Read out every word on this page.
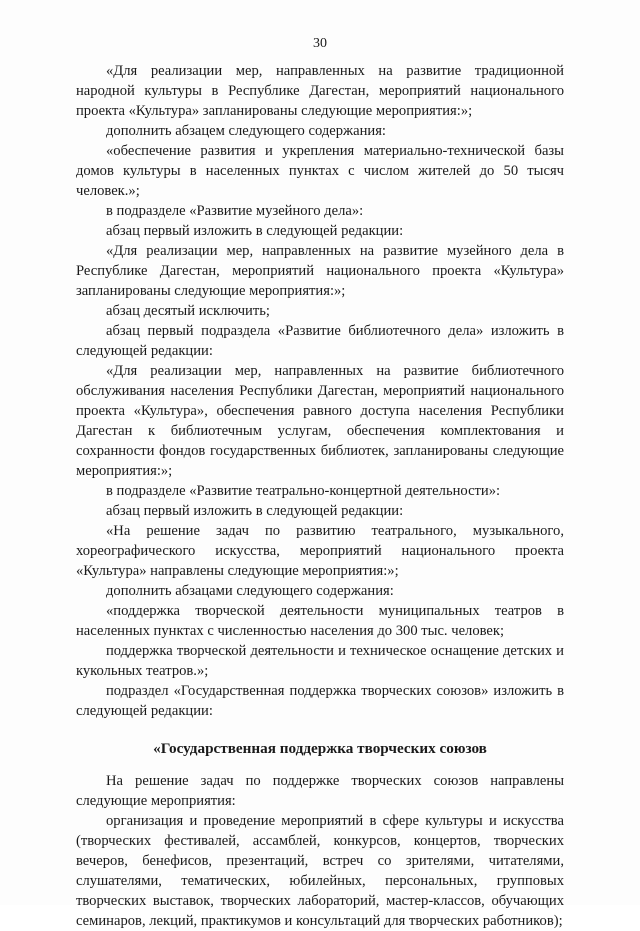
30

«Для реализации мер, направленных на развитие традиционной народной культуры в Республике Дагестан, мероприятий национального проекта «Культура» запланированы следующие мероприятия:»;

дополнить абзацем следующего содержания:

«обеспечение развития и укрепления материально-технической базы домов культуры в населенных пунктах с числом жителей до 50 тысяч человек.»;

в подразделе «Развитие музейного дела»:

абзац первый изложить в следующей редакции:

«Для реализации мер, направленных на развитие музейного дела в Республике Дагестан, мероприятий национального проекта «Культура» запланированы следующие мероприятия:»;

абзац десятый исключить;

абзац первый подраздела «Развитие библиотечного дела» изложить в следующей редакции:

«Для реализации мер, направленных на развитие библиотечного обслуживания населения Республики Дагестан, мероприятий национального проекта «Культура», обеспечения равного доступа населения Республики Дагестан к библиотечным услугам, обеспечения комплектования и сохранности фондов государственных библиотек, запланированы следующие мероприятия:»;

в подразделе «Развитие театрально-концертной деятельности»:

абзац первый изложить в следующей редакции:

«На решение задач по развитию театрального, музыкального, хореографического искусства, мероприятий национального проекта «Культура» направлены следующие мероприятия:»;

дополнить абзацами следующего содержания:

«поддержка творческой деятельности муниципальных театров в населенных пунктах с численностью населения до 300 тыс. человек;

поддержка творческой деятельности и техническое оснащение детских и кукольных театров.»;

подраздел «Государственная поддержка творческих союзов» изложить в следующей редакции:

«Государственная поддержка творческих союзов

На решение задач по поддержке творческих союзов направлены следующие мероприятия:

организация и проведение мероприятий в сфере культуры и искусства (творческих фестивалей, ассамблей, конкурсов, концертов, творческих вечеров, бенефисов, презентаций, встреч со зрителями, читателями, слушателями, тематических, юбилейных, персональных, групповых творческих выставок, творческих лабораторий, мастер-классов, обучающих семинаров, лекций, практикумов и консультаций для творческих работников);
